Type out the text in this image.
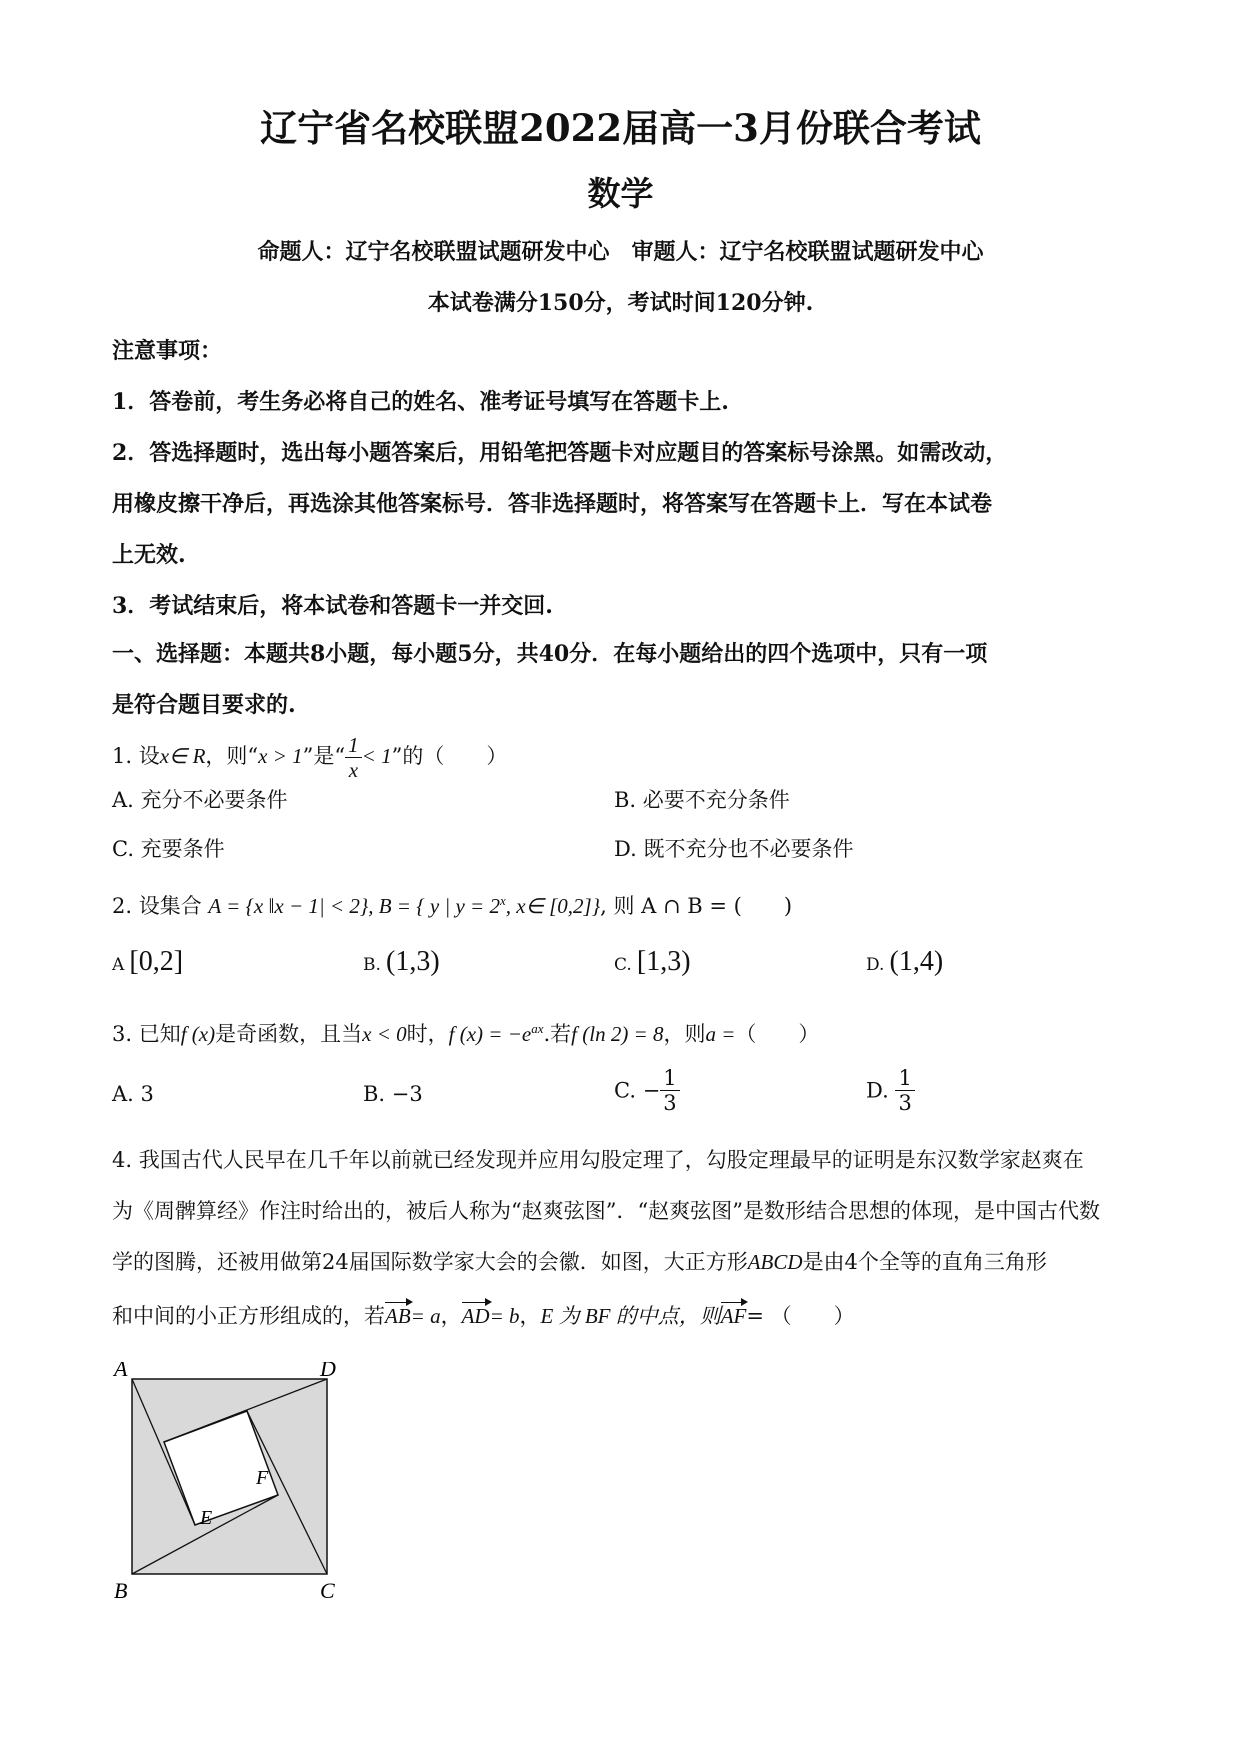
辽宁省名校联盟2022届高一3月份联合考试
数学
命题人：辽宁名校联盟试题研发中心　审题人：辽宁名校联盟试题研发中心
本试卷满分150分，考试时间120分钟.
注意事项：
1．答卷前，考生务必将自己的姓名、准考证号填写在答题卡上.
2．答选择题时，选出每小题答案后，用铅笔把答题卡对应题目的答案标号涂黑。如需改动，
用橡皮擦干净后，再选涂其他答案标号．答非选择题时，将答案写在答题卡上．写在本试卷
上无效.
3．考试结束后，将本试卷和答题卡一并交回.
一、选择题：本题共8小题，每小题5分，共40分．在每小题给出的四个选项中，只有一项
是符合题目要求的.
1. 设x∈ R，则“x > 1”是“ $\frac{1}{x} < 1$”的（　　）
A. 充分不必要条件	B. 必要不充分条件
C. 充要条件	D. 既不充分也不必要条件
2. 设集合 A = {x ‖x − 1| < 2}, B = { y | $y = 2^x$, x∈ [0,2]}, 则 A ∩ B = (　　)
A [0,2]	B. (1,3)	C. [1,3)	D. (1,4)
3. 已知f (x)是奇函数，且当x < 0时，f $(x) = -e^{ax}$.若f (ln 2) = 8，则a =（　　）
A. 3	B. −3	C. − $\frac{1}{3}$	D. $\frac{1}{3}$
4. 我国古代人民早在几千年以前就已经发现并应用勾股定理了，勾股定理最早的证明是东汉数学家赵爽在
为《周髀算经》作注时给出的，被后人称为“赵爽弦图”．“赵爽弦图”是数形结合思想的体现，是中国古代数
学的图腾，还被用做第24届国际数学家大会的会徽．如图，大正方形ABCD是由4个全等的直角三角形
和中间的小正方形组成的，若AB= a，AD= b，E 为 BF 的中点，则AF= （　　）
A	D
B	C
E
F
